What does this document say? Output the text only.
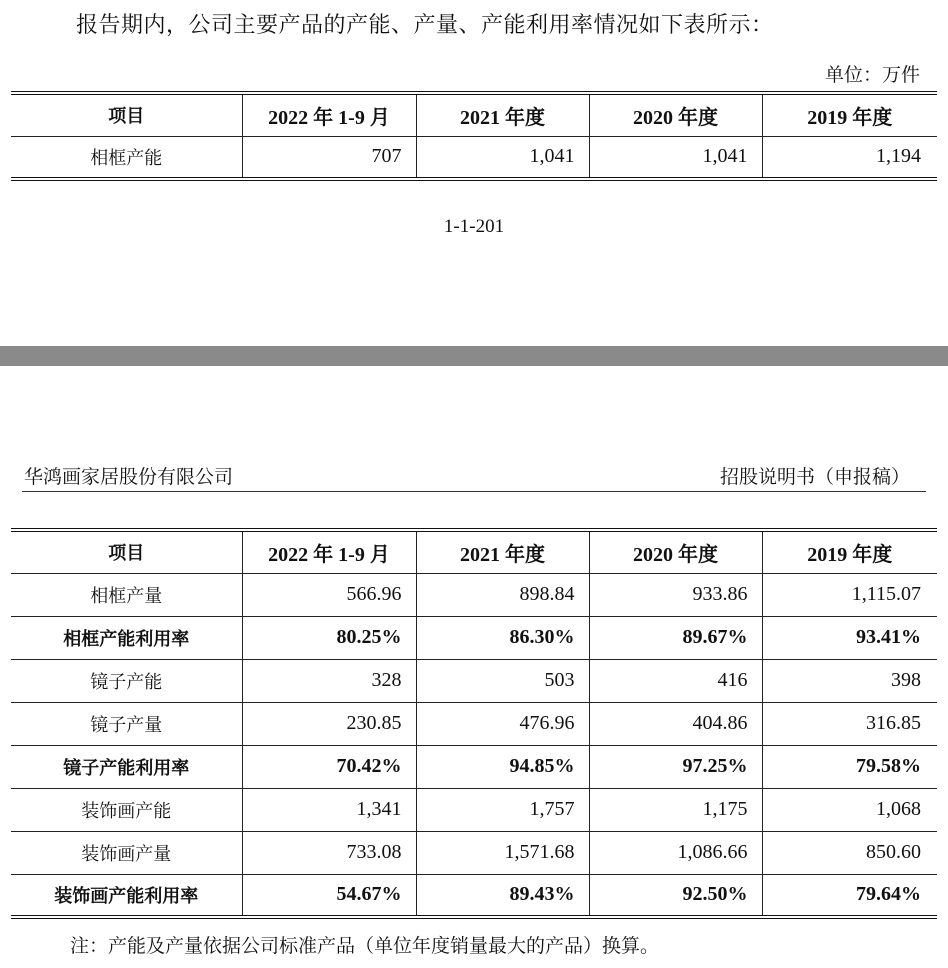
报告期内，公司主要产品的产能、产量、产能利用率情况如下表所示：
单位：万件
项目	2022 年 1-9 月	2021 年度	2020 年度	2019 年度
相框产能	707	1,041	1,041	1,194
1-1-201
华鸿画家居股份有限公司	招股说明书（申报稿）
项目	2022 年 1-9 月	2021 年度	2020 年度	2019 年度
相框产量	566.96	898.84	933.86	1,115.07
相框产能利用率	80.25%	86.30%	89.67%	93.41%
镜子产能	328	503	416	398
镜子产量	230.85	476.96	404.86	316.85
镜子产能利用率	70.42%	94.85%	97.25%	79.58%
装饰画产能	1,341	1,757	1,175	1,068
装饰画产量	733.08	1,571.68	1,086.66	850.60
装饰画产能利用率	54.67%	89.43%	92.50%	79.64%
注：产能及产量依据公司标准产品（单位年度销量最大的产品）换算。
